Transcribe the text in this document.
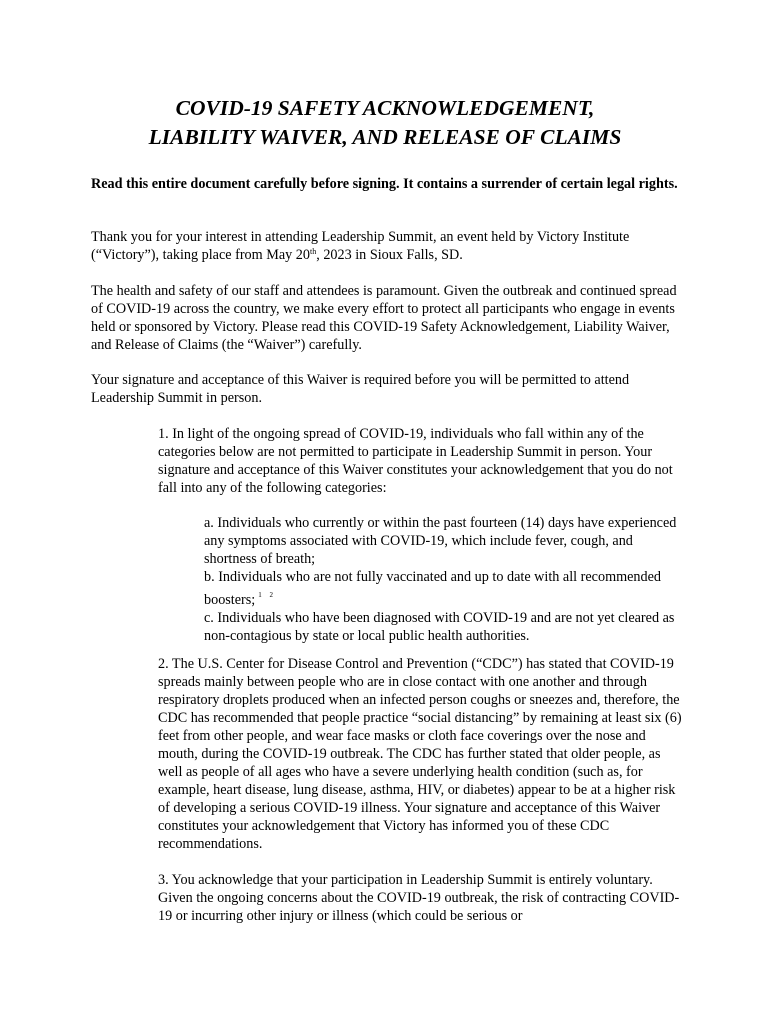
COVID-19 SAFETY ACKNOWLEDGEMENT,
LIABILITY WAIVER, AND RELEASE OF CLAIMS

Read this entire document carefully before signing. It contains a surrender of certain legal rights.

Thank you for your interest in attending Leadership Summit, an event held by Victory Institute (“Victory”), taking place from May 20th, 2023 in Sioux Falls, SD.

The health and safety of our staff and attendees is paramount. Given the outbreak and continued spread of COVID-19 across the country, we make every effort to protect all participants who engage in events held or sponsored by Victory. Please read this COVID-19 Safety Acknowledgement, Liability Waiver, and Release of Claims (the “Waiver”) carefully.

Your signature and acceptance of this Waiver is required before you will be permitted to attend Leadership Summit in person.

1. In light of the ongoing spread of COVID-19, individuals who fall within any of the categories below are not permitted to participate in Leadership Summit in person. Your signature and acceptance of this Waiver constitutes your acknowledgement that you do not fall into any of the following categories:

a. Individuals who currently or within the past fourteen (14) days have experienced any symptoms associated with COVID-19, which include fever, cough, and shortness of breath;

b. Individuals who are not fully vaccinated and up to date with all recommended boosters; $^{1 2}$

c. Individuals who have been diagnosed with COVID-19 and are not yet cleared as non-contagious by state or local public health authorities.

2. The U.S. Center for Disease Control and Prevention (“CDC”) has stated that COVID-19 spreads mainly between people who are in close contact with one another and through respiratory droplets produced when an infected person coughs or sneezes and, therefore, the CDC has recommended that people practice “social distancing” by remaining at least six (6) feet from other people, and wear face masks or cloth face coverings over the nose and mouth, during the COVID-19 outbreak. The CDC has further stated that older people, as well as people of all ages who have a severe underlying health condition (such as, for example, heart disease, lung disease, asthma, HIV, or diabetes) appear to be at a higher risk of developing a serious COVID-19 illness. Your signature and acceptance of this Waiver constitutes your acknowledgement that Victory has informed you of these CDC recommendations.

3. You acknowledge that your participation in Leadership Summit is entirely voluntary. Given the ongoing concerns about the COVID-19 outbreak, the risk of contracting COVID-19 or incurring other injury or illness (which could be serious or
